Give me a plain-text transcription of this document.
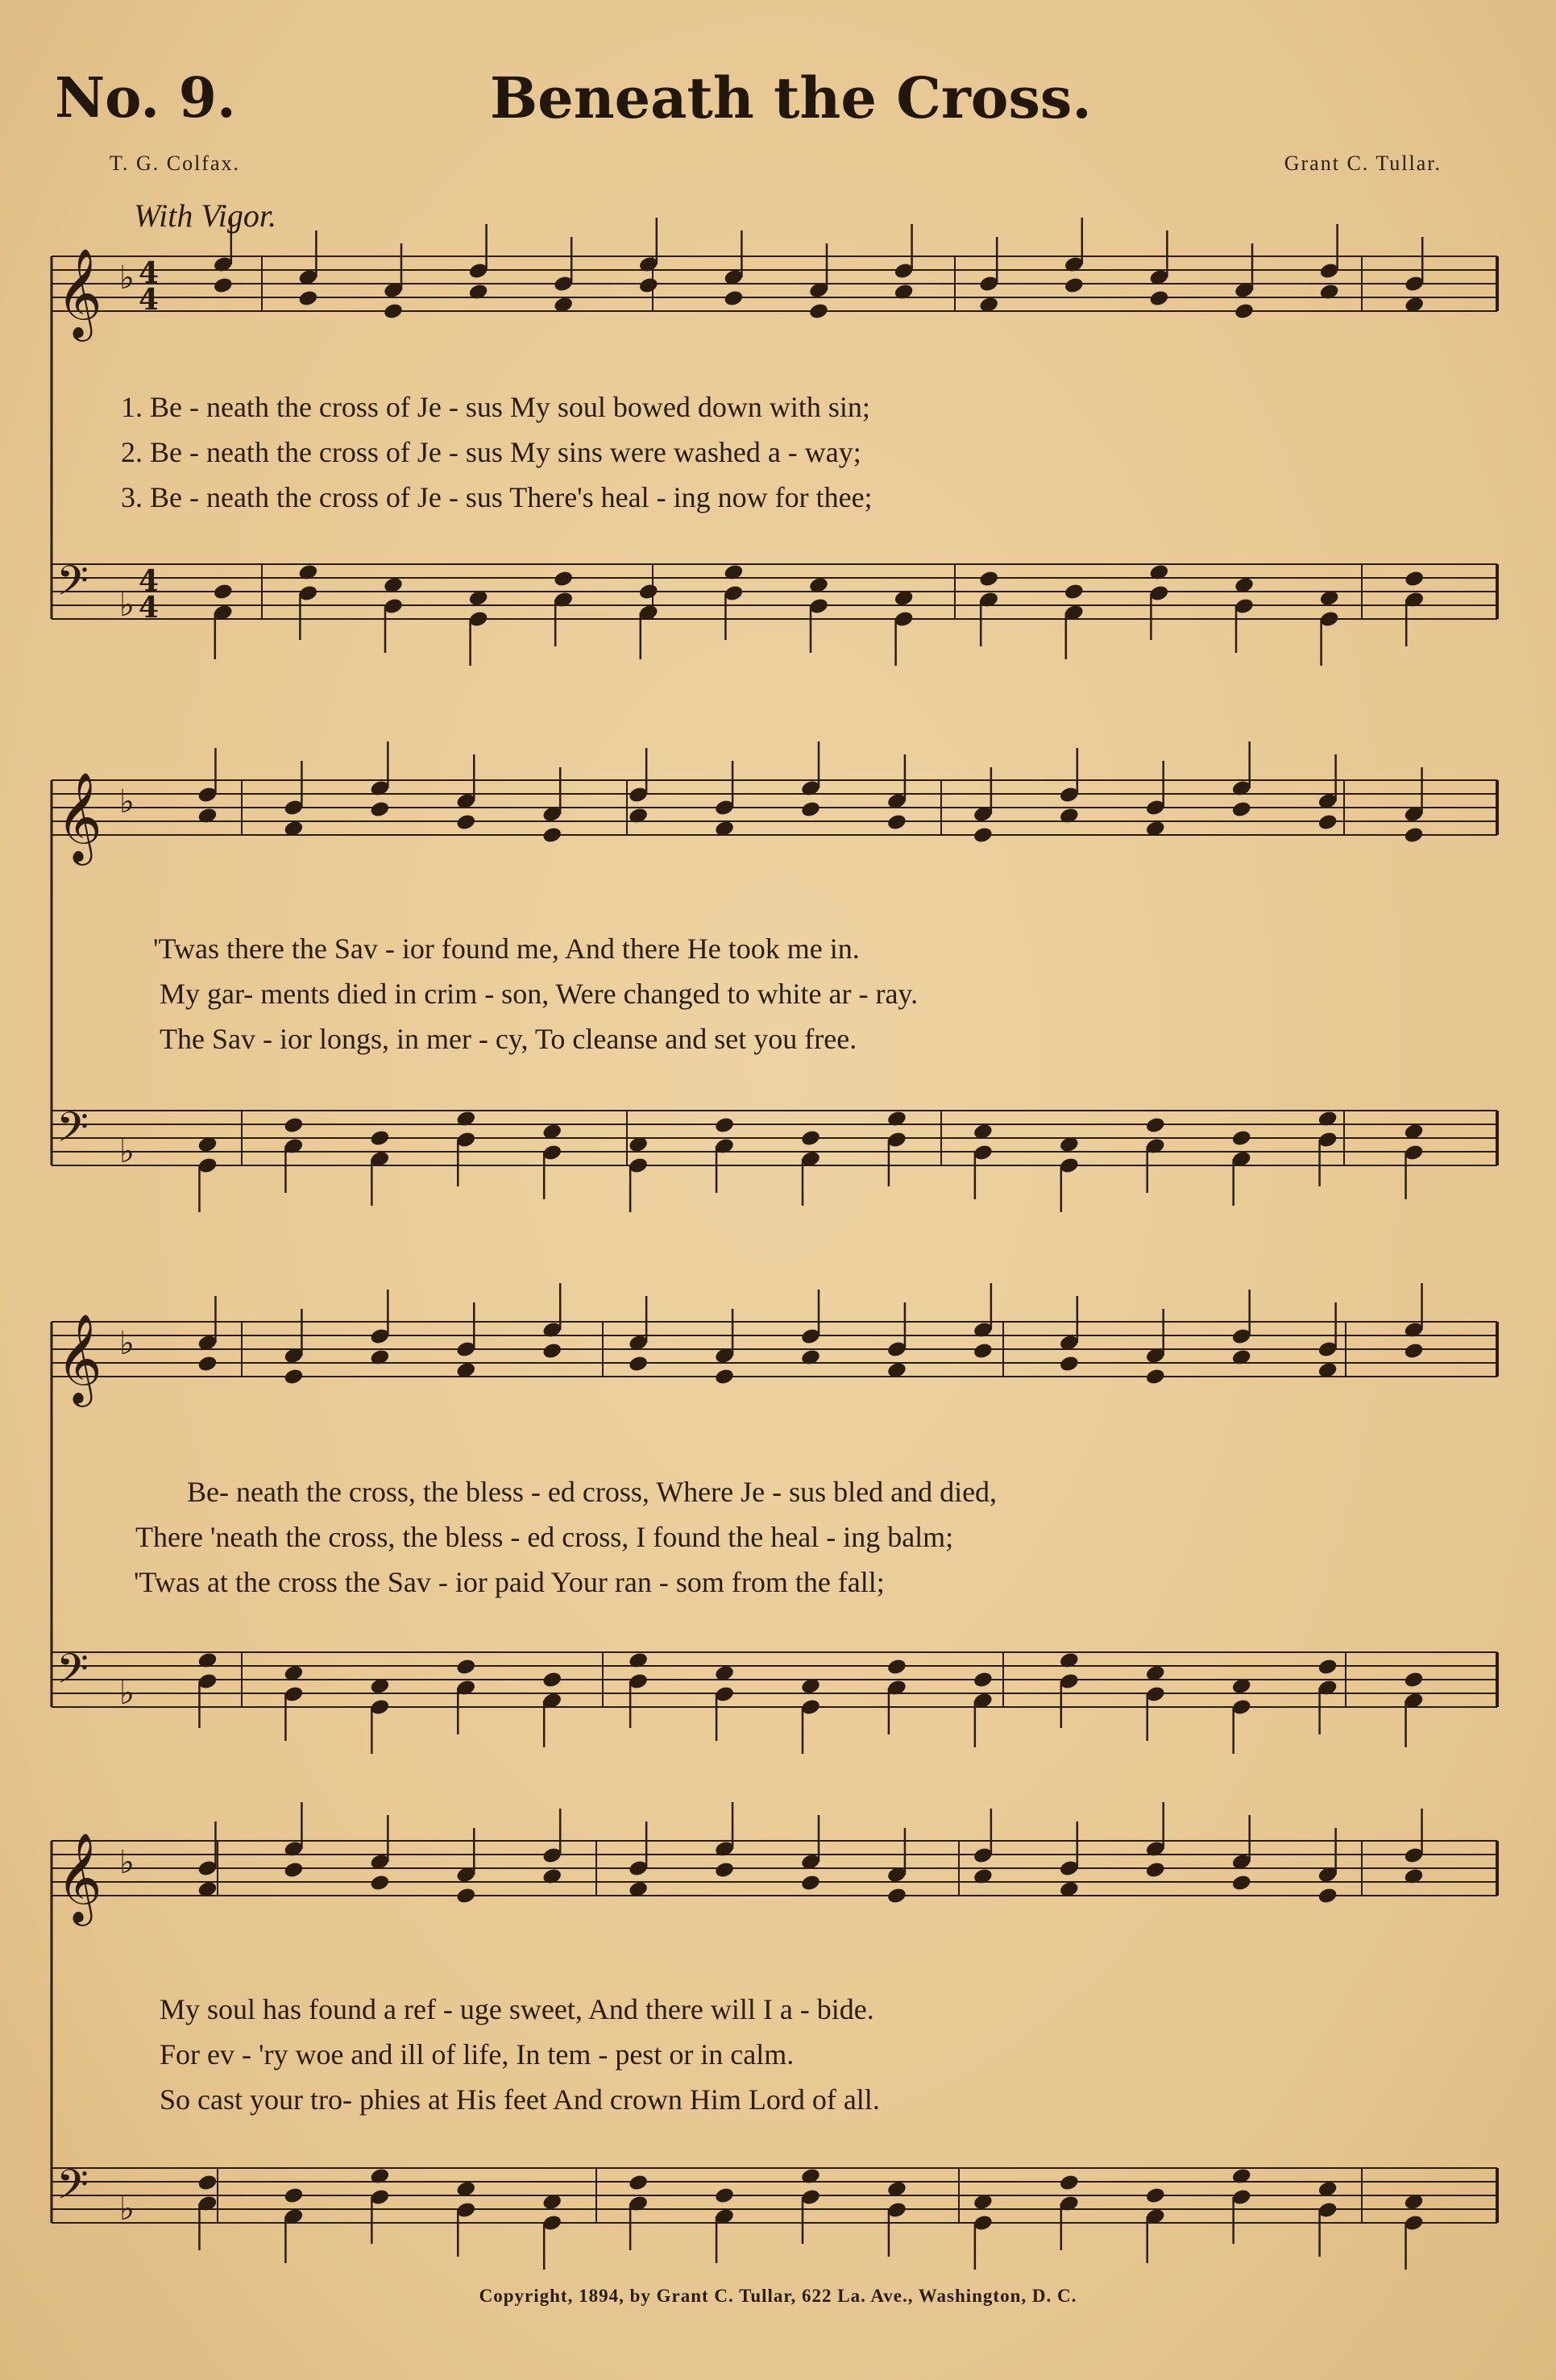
No. 9.	Beneath the Cross.
T. G. Colfax.	Grant C. Tullar.
With Vigor.
𝄞 ♭ 4
4
𝄢 ♭
4
4
𝄞 ♭
𝄢 ♭
𝄞 ♭
𝄢 ♭
𝄞 ♭
𝄢 ♭
1. Be - neath the cross of Je - sus My soul bowed down with sin;
2. Be - neath the cross of Je - sus My sins were washed a - way;
3. Be - neath the cross of Je - sus There's heal - ing now for thee;
'Twas there the Sav - ior found me, And there He took me in.
My gar- ments died in crim - son, Were changed to white ar - ray.
The Sav - ior longs, in mer - cy, To cleanse and set you free.
Be- neath the cross, the bless - ed cross, Where Je - sus bled and died,
There 'neath the cross, the bless - ed cross, I found the heal - ing balm;
'Twas at the cross the Sav - ior paid Your ran - som from the fall;
My soul has found a ref - uge sweet, And there will I a - bide.
For ev - 'ry woe and ill of life, In tem - pest or in calm.
So cast your tro- phies at His feet And crown Him Lord of all.
Copyright, 1894, by Grant C. Tullar, 622 La. Ave., Washington, D. C.
